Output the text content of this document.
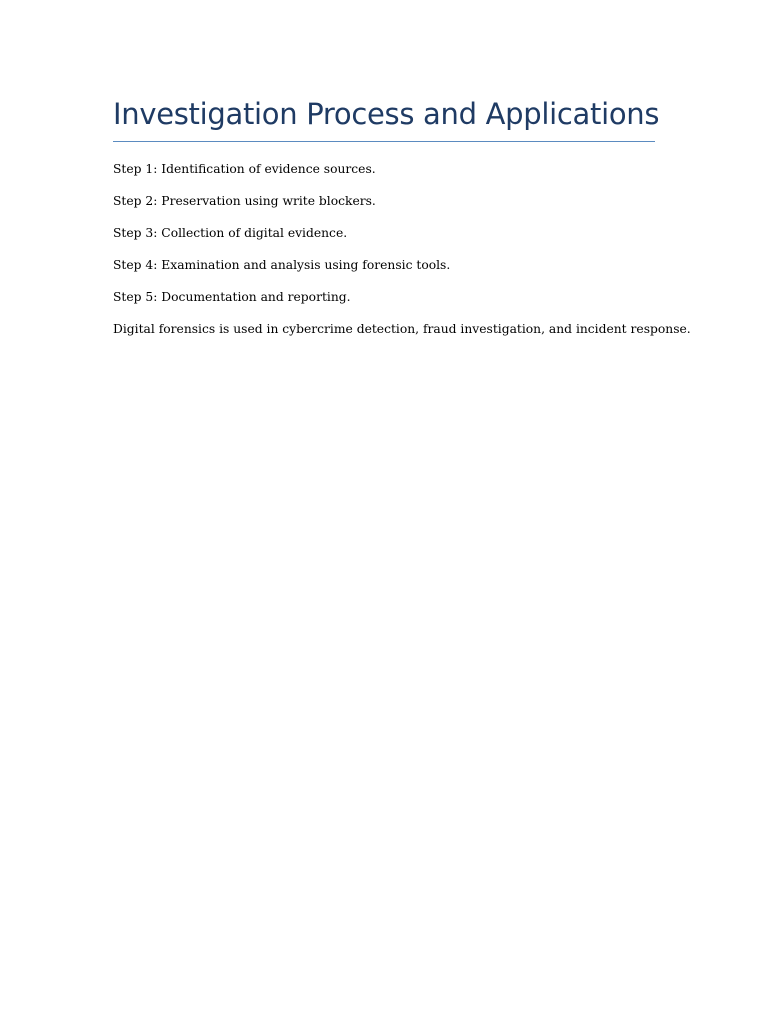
Investigation Process and Applications

Step 1: Identification of evidence sources.

Step 2: Preservation using write blockers.

Step 3: Collection of digital evidence.

Step 4: Examination and analysis using forensic tools.

Step 5: Documentation and reporting.

Digital forensics is used in cybercrime detection, fraud investigation, and incident response.
